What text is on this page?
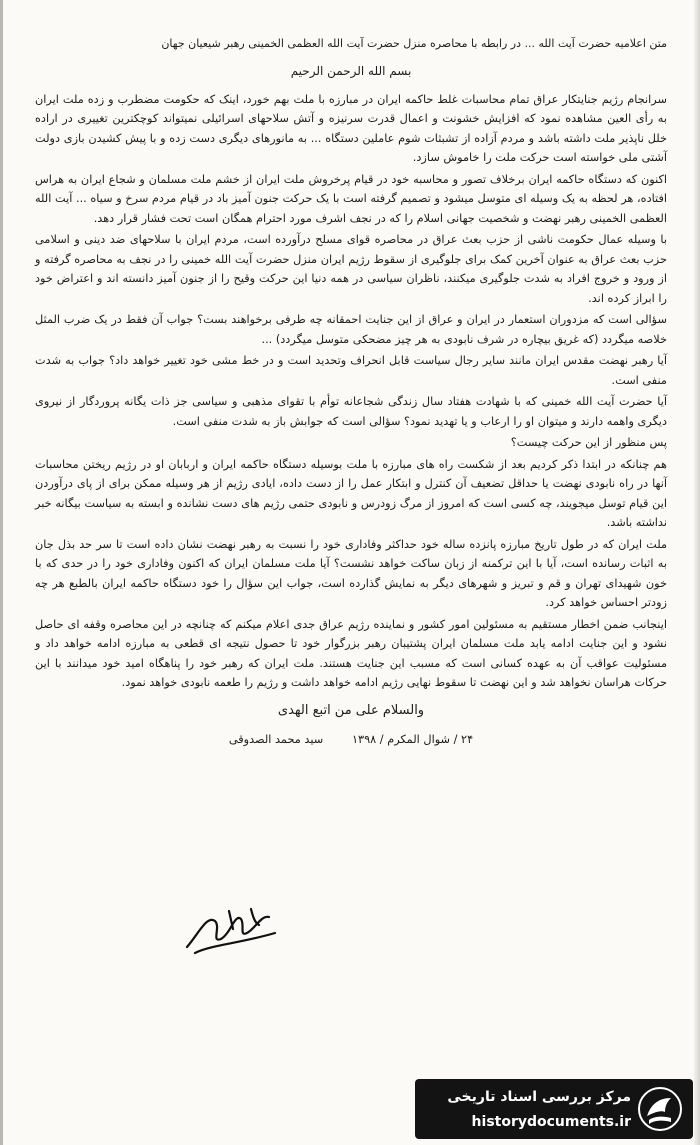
متن اعلامیه حضرت آیت الله ... در رابطه با محاصره منزل حضرت آیت الله العظمی الخمینی رهبر شیعیان جهان

بسم الله الرحمن الرحیم

سرانجام رژیم جنایتکار عراق تمام محاسبات غلط حاکمه ایران در مبارزه با ملت بهم خورد، اینک که حکومت مضطرب و زده ملت ایران به رأی العین مشاهده نمود که افزایش خشونت و اعمال قدرت سرنیزه و آتش سلاحهای اسرائیلی نمیتواند کوچکترین تغییری در اراده خلل ناپذیر ملت داشته باشد و مردم آزاده از تشبثات شوم عاملین دستگاه ... به مانورهای دیگری دست زده و با پیش کشیدن بازی دولت آشتی ملی خواسته است حرکت ملت را خاموش سازد.

اکنون که دستگاه حاکمه ایران برخلاف تصور و محاسبه خود در قیام پرخروش ملت ایران از خشم ملت مسلمان و شجاع ایران به هراس افتاده، هر لحظه به یک وسیله ای متوسل میشود و تصمیم گرفته است با یک حرکت جنون آمیز باد در قیام مردم سرخ و سیاه ... آیت الله العظمی الخمینی رهبر نهضت و شخصیت جهانی اسلام را که در نجف اشرف مورد احترام همگان است تحت فشار قرار دهد.

با وسیله عمال حکومت ناشی از حزب بعث عراق در محاصره قوای مسلح درآورده است، مردم ایران با سلاحهای ضد دینی و اسلامی حزب بعث عراق به عنوان آخرین کمک برای جلوگیری از سقوط رژیم ایران منزل حضرت آیت الله خمینی را در نجف به محاصره گرفته و از ورود و خروج افراد به شدت جلوگیری میکنند، ناظران سیاسی در همه دنیا این حرکت وقیح را از جنون آمیز دانسته اند و اعتراض خود را ابراز کرده اند.

سؤالی است که مزدوران استعمار در ایران و عراق از این جنایت احمقانه چه طرفی برخواهند بست؟ جواب آن فقط در یک ضرب المثل خلاصه میگردد (که غریق بیچاره در شرف نابودی به هر چیز مضحکی متوسل میگردد) ...

آیا رهبر نهضت مقدس ایران مانند سایر رجال سیاست قابل انحراف وتحدید است و در خط مشی خود تغییر خواهد داد؟ جواب به شدت منفی است.

آیا حضرت آیت الله خمینی که با شهادت هفتاد سال زندگی شجاعانه توأم با تقوای مذهبی و سیاسی جز ذات یگانه پروردگار از نیروی دیگری واهمه دارند و میتوان او را ارعاب و یا تهدید نمود؟ سؤالی است که جوابش باز به شدت منفی است.

پس منظور از این حرکت چیست؟

هم چنانکه در ابتدا ذکر کردیم بعد از شکست راه های مبارزه با ملت بوسیله دستگاه حاکمه ایران و اربابان او در رژیم ریختن محاسبات آنها در راه نابودی نهضت یا حداقل تضعیف آن کنترل و ابتکار عمل را از دست داده، ایادی رژیم از هر وسیله ممکن برای از پای درآوردن این قیام توسل میجویند، چه کسی است که امروز از مرگ زودرس و نابودی حتمی رژیم های دست نشانده و ابسته به سیاست بیگانه خبر نداشته باشد.

ملت ایران که در طول تاریخ مبارزه پانزده ساله خود حداکثر وفاداری خود را نسبت به رهبر نهضت نشان داده است تا سر حد بذل جان به اثبات رسانده است، آیا با این ترکمنه از زبان ساکت خواهد نشست؟ آیا ملت مسلمان ایران که اکنون وفاداری خود را در حدی که با خون شهیدای تهران و قم و تبریز و شهرهای دیگر به نمایش گذارده است، جواب این سؤال را خود دستگاه حاکمه ایران بالطبع هر چه زودتر احساس خواهد کرد.

اینجانب ضمن اخطار مستقیم به مسئولین امور کشور و نماینده رژیم عراق جدی اعلام میکنم که چنانچه در این محاصره وقفه ای حاصل نشود و این جنایت ادامه یابد ملت مسلمان ایران پشتیبان رهبر بزرگوار خود تا حصول نتیجه ای قطعی به مبارزه ادامه خواهد داد و مسئولیت عواقب آن به عهده کسانی است که مسبب این جنایت هستند. ملت ایران که رهبر خود را پناهگاه امید خود میدانند با این حرکات هراسان نخواهد شد و این نهضت تا سقوط نهایی رژیم ادامه خواهد داشت و رژیم را طعمه نابودی خواهد نمود.

والسلام علی من اتبع الهدی

۲۴ / شوال المکرم / ۱۳۹۸        سید محمد الصدوقی

مرکز بررسی اسناد تاریخی
historydocuments.ir
